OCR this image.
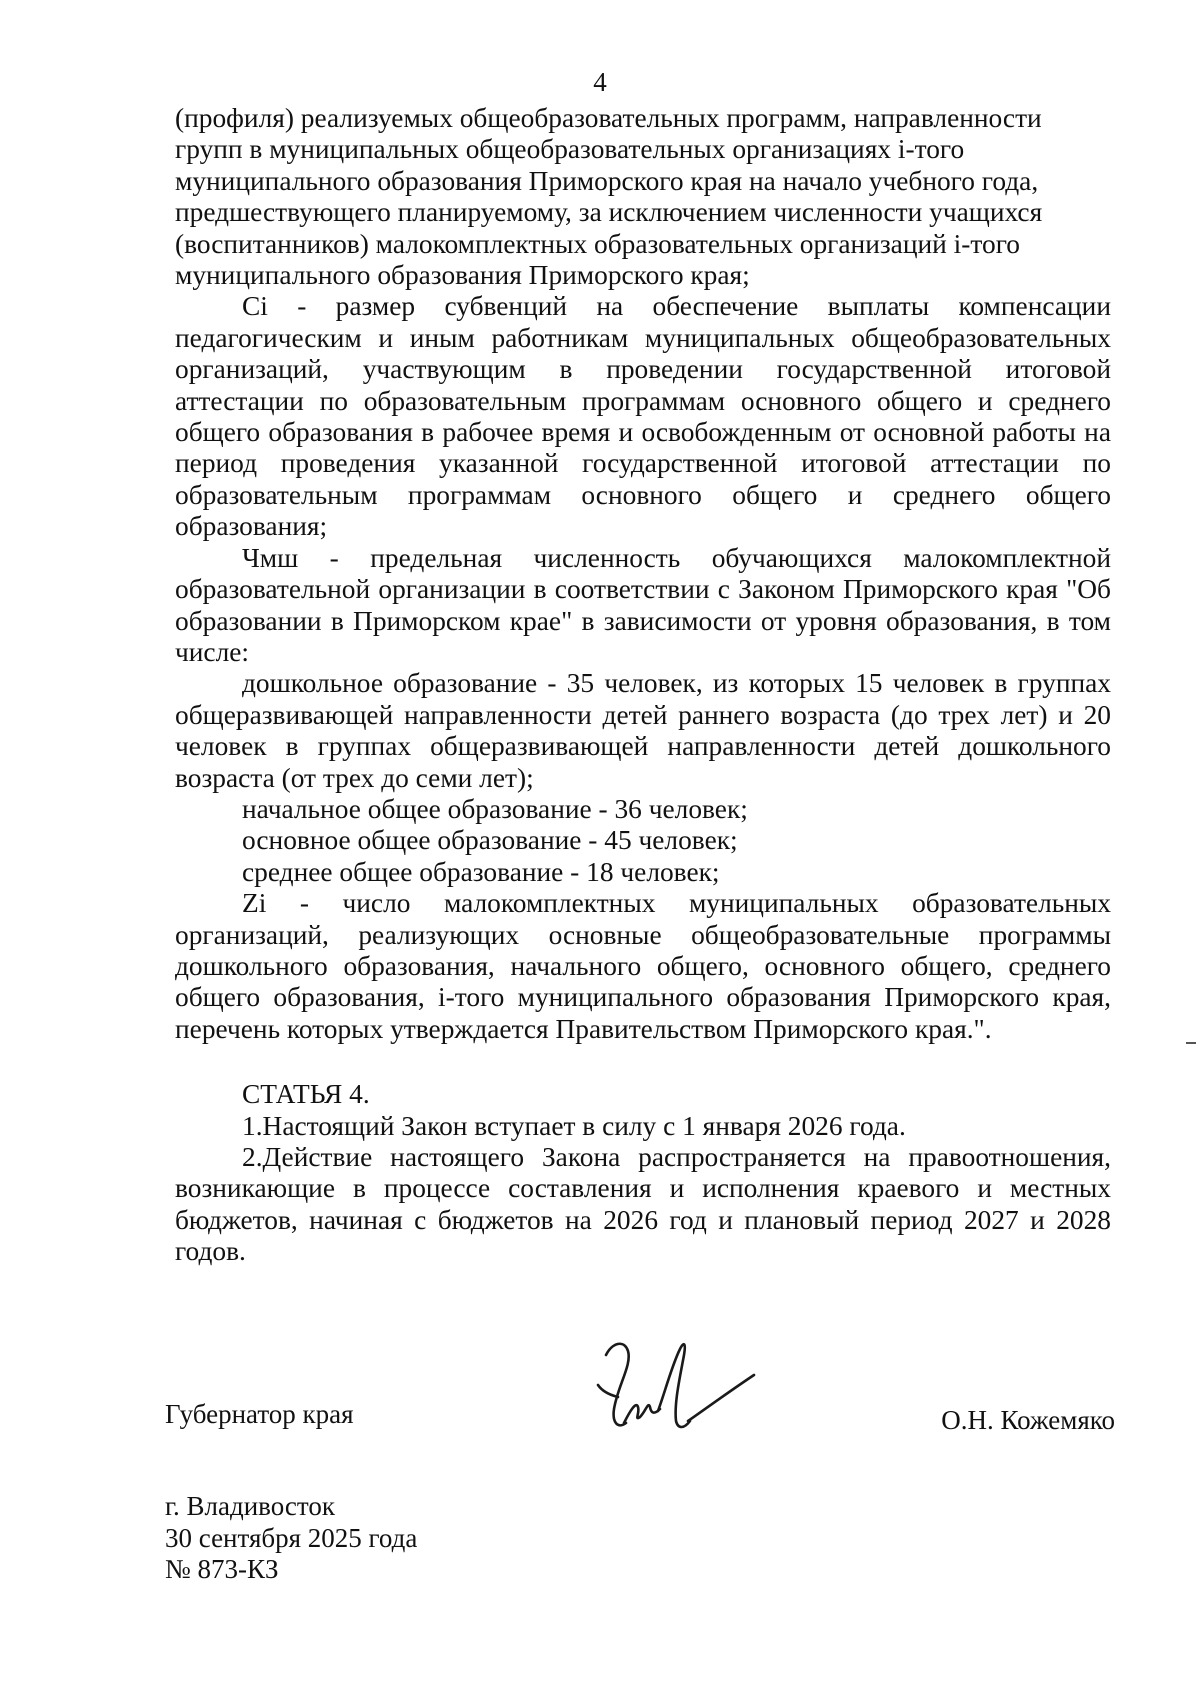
4

(профиля) реализуемых общеобразовательных программ, направленности групп в муниципальных общеобразовательных организациях i-того муниципального образования Приморского края на начало учебного года, предшествующего планируемому, за исключением численности учащихся (воспитанников) малокомплектных образовательных организаций i-того муниципального образования Приморского края;

Ci - размер субвенций на обеспечение выплаты компенсации педагогическим и иным работникам муниципальных общеобразовательных организаций, участвующим в проведении государственной итоговой аттестации по образовательным программам основного общего и среднего общего образования в рабочее время и освобожденным от основной работы на период проведения указанной государственной итоговой аттестации по образовательным программам основного общего и среднего общего образования;

Чмш - предельная численность обучающихся малокомплектной образовательной организации в соответствии с Законом Приморского края "Об образовании в Приморском крае" в зависимости от уровня образования, в том числе:

дошкольное образование - 35 человек, из которых 15 человек в группах общеразвивающей направленности детей раннего возраста (до трех лет) и 20 человек в группах общеразвивающей направленности детей дошкольного возраста (от трех до семи лет);

начальное общее образование - 36 человек;

основное общее образование - 45 человек;

среднее общее образование - 18 человек;

Zi - число малокомплектных муниципальных образовательных организаций, реализующих основные общеобразовательные программы дошкольного образования, начального общего, основного общего, среднего общего образования, i-того муниципального образования Приморского края, перечень которых утверждается Правительством Приморского края.".

СТАТЬЯ 4.

1.Настоящий Закон вступает в силу с 1 января 2026 года.

2.Действие настоящего Закона распространяется на правоотношения, возникающие в процессе составления и исполнения краевого и местных бюджетов, начиная с бюджетов на 2026 год и плановый период 2027 и 2028 годов.

Губернатор края	О.Н. Кожемяко
г. Владивосток
30 сентября 2025 года
№ 873-КЗ
